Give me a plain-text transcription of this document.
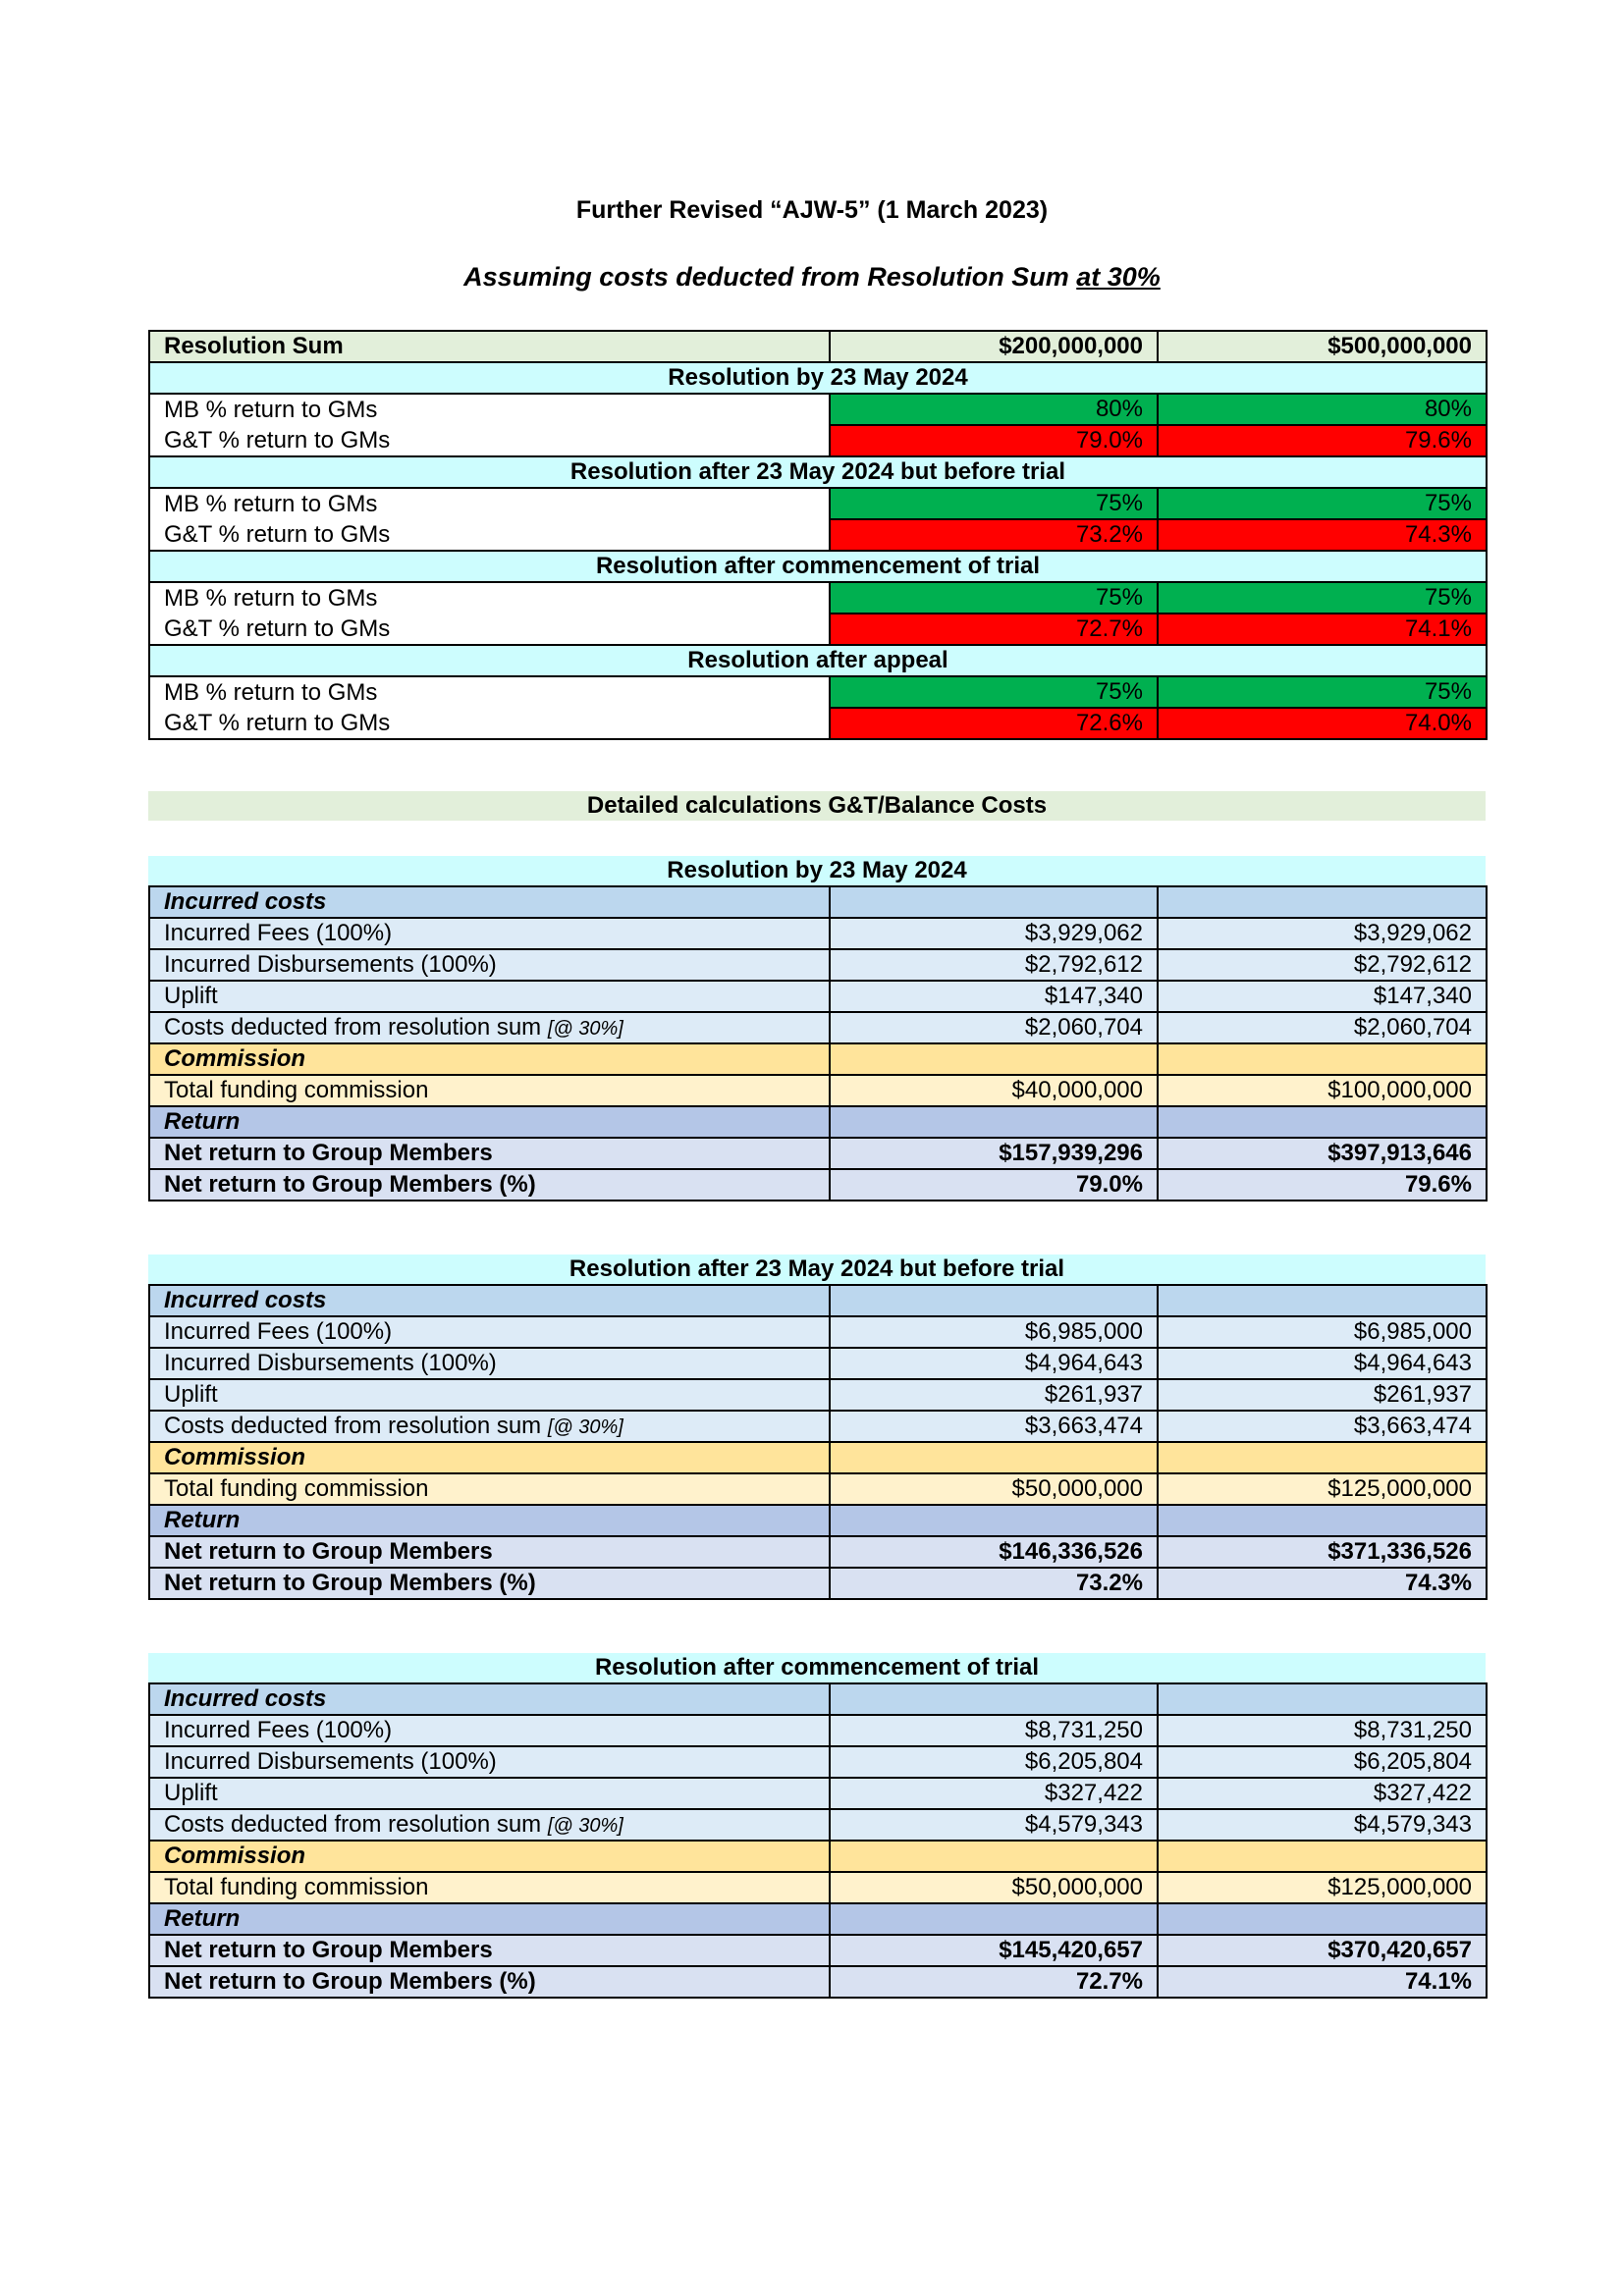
Further Revised “AJW-5” (1 March 2023)
Assuming costs deducted from Resolution Sum at 30%
Resolution Sum	$200,000,000	$500,000,000
Resolution by 23 May 2024		
MB % return to GMs	80%	80%
G&T % return to GMs	79.0%	79.6%
Resolution after 23 May 2024 but before trial		
MB % return to GMs	75%	75%
G&T % return to GMs	73.2%	74.3%
Resolution after commencement of trial		
MB % return to GMs	75%	75%
G&T % return to GMs	72.7%	74.1%
Resolution after appeal		
MB % return to GMs	75%	75%
G&T % return to GMs	72.6%	74.0%
Detailed calculations G&T/Balance Costs
Resolution by 23 May 2024
Incurred costs		
Incurred Fees (100%)	$3,929,062	$3,929,062
Incurred Disbursements (100%)	$2,792,612	$2,792,612
Uplift	$147,340	$147,340
Costs deducted from resolution sum [@ 30%]	$2,060,704	$2,060,704
Commission		
Total funding commission	$40,000,000	$100,000,000
Return		
Net return to Group Members	$157,939,296	$397,913,646
Net return to Group Members (%)	79.0%	79.6%
Resolution after 23 May 2024 but before trial
Incurred costs		
Incurred Fees (100%)	$6,985,000	$6,985,000
Incurred Disbursements (100%)	$4,964,643	$4,964,643
Uplift	$261,937	$261,937
Costs deducted from resolution sum [@ 30%]	$3,663,474	$3,663,474
Commission		
Total funding commission	$50,000,000	$125,000,000
Return		
Net return to Group Members	$146,336,526	$371,336,526
Net return to Group Members (%)	73.2%	74.3%
Resolution after commencement of trial
Incurred costs		
Incurred Fees (100%)	$8,731,250	$8,731,250
Incurred Disbursements (100%)	$6,205,804	$6,205,804
Uplift	$327,422	$327,422
Costs deducted from resolution sum [@ 30%]	$4,579,343	$4,579,343
Commission		
Total funding commission	$50,000,000	$125,000,000
Return		
Net return to Group Members	$145,420,657	$370,420,657
Net return to Group Members (%)	72.7%	74.1%
